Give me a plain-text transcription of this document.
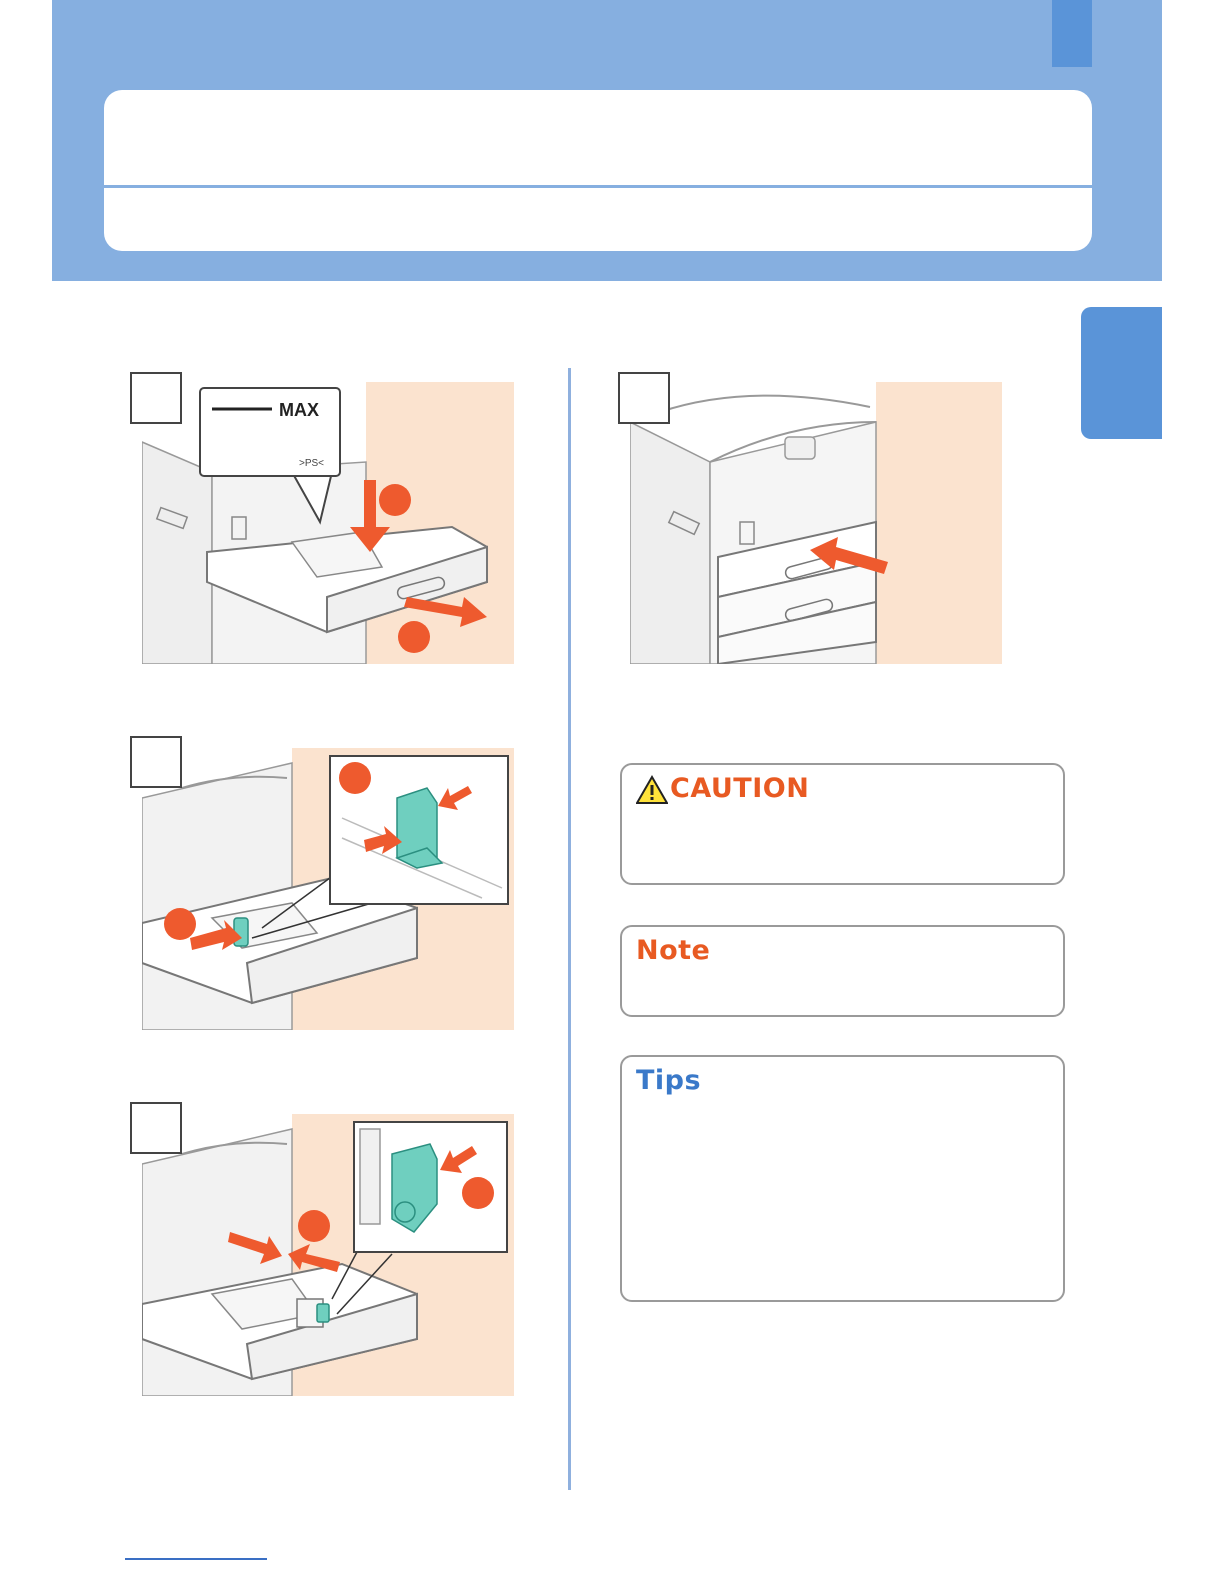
MAX
>PS<
CAUTION
Note
Tips
